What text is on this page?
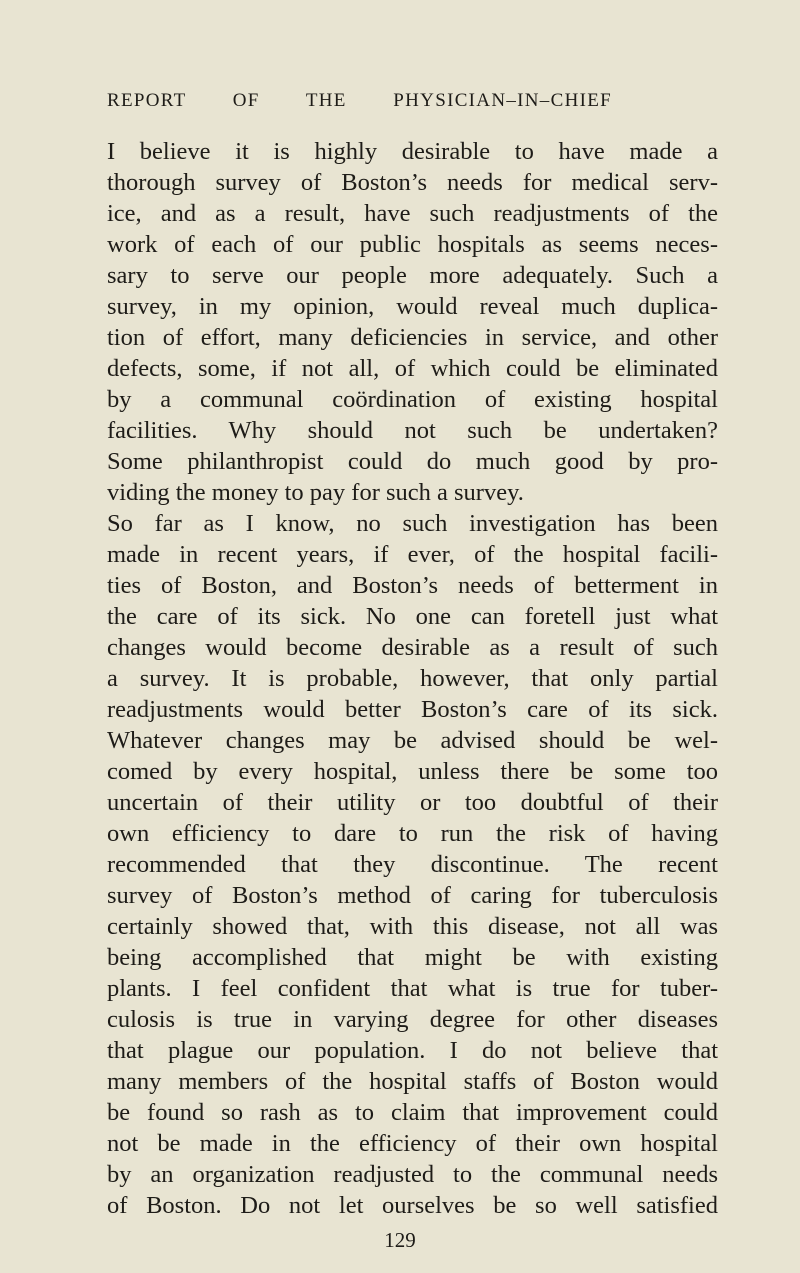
REPORT OF THE PHYSICIAN–IN–CHIEF
I believe it is highly desirable to have made a
thorough survey of Boston’s needs for medical serv-
ice, and as a result, have such readjustments of the
work of each of our public hospitals as seems neces-
sary to serve our people more adequately. Such a
survey, in my opinion, would reveal much duplica-
tion of effort, many deficiencies in service, and other
defects, some, if not all, of which could be eliminated
by a communal coördination of existing hospital
facilities. Why should not such be undertaken?
Some philanthropist could do much good by pro-
viding the money to pay for such a survey.
So far as I know, no such investigation has been
made in recent years, if ever, of the hospital facili-
ties of Boston, and Boston’s needs of betterment in
the care of its sick. No one can foretell just what
changes would become desirable as a result of such
a survey. It is probable, however, that only partial
readjustments would better Boston’s care of its sick.
Whatever changes may be advised should be wel-
comed by every hospital, unless there be some too
uncertain of their utility or too doubtful of their
own efficiency to dare to run the risk of having
recommended that they discontinue. The recent
survey of Boston’s method of caring for tuberculosis
certainly showed that, with this disease, not all was
being accomplished that might be with existing
plants. I feel confident that what is true for tuber-
culosis is true in varying degree for other diseases
that plague our population. I do not believe that
many members of the hospital staffs of Boston would
be found so rash as to claim that improvement could
not be made in the efficiency of their own hospital
by an organization readjusted to the communal needs
of Boston. Do not let ourselves be so well satisfied
129
